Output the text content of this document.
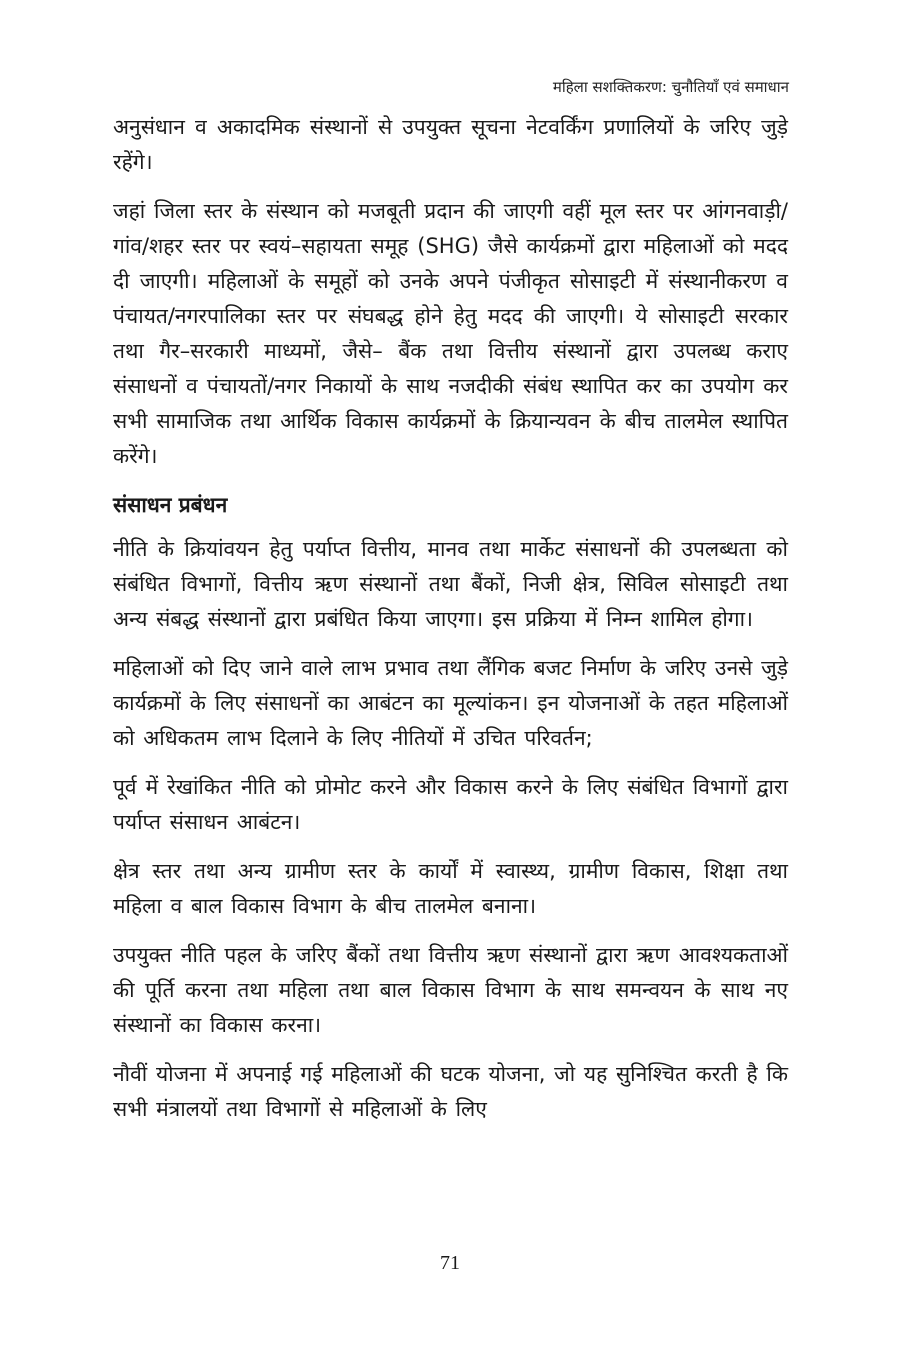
महिला सशक्तिकरण: चुनौतियाँ एवं समाधान

अनुसंधान व अकादमिक संस्थानों से उपयुक्त सूचना नेटवर्किंग प्रणालियों के जरिए जुड़े रहेंगे।

जहां जिला स्तर के संस्थान को मजबूती प्रदान की जाएगी वहीं मूल स्तर पर आंगनवाड़ी/गांव/शहर स्तर पर स्वयं–सहायता समूह (SHG) जैसे कार्यक्रमों द्वारा महिलाओं को मदद दी जाएगी। महिलाओं के समूहों को उनके अपने पंजीकृत सोसाइटी में संस्थानीकरण व पंचायत/नगरपालिका स्तर पर संघबद्ध होने हेतु मदद की जाएगी। ये सोसाइटी सरकार तथा गैर–सरकारी माध्यमों, जैसे– बैंक तथा वित्तीय संस्थानों द्वारा उपलब्ध कराए संसाधनों व पंचायतों/नगर निकायों के साथ नजदीकी संबंध स्थापित कर का उपयोग कर सभी सामाजिक तथा आर्थिक विकास कार्यक्रमों के क्रियान्यवन के बीच तालमेल स्थापित करेंगे।

संसाधन प्रबंधन

नीति के क्रियांवयन हेतु पर्याप्त वित्तीय, मानव तथा मार्केट संसाधनों की उपलब्धता को संबंधित विभागों, वित्तीय ऋण संस्थानों तथा बैंकों, निजी क्षेत्र, सिविल सोसाइटी तथा अन्य संबद्ध संस्थानों द्वारा प्रबंधित किया जाएगा। इस प्रक्रिया में निम्न शामिल होगा।

महिलाओं को दिए जाने वाले लाभ प्रभाव तथा लैंगिक बजट निर्माण के जरिए उनसे जुड़े कार्यक्रमों के लिए संसाधनों का आबंटन का मूल्यांकन। इन योजनाओं के तहत महिलाओं को अधिकतम लाभ दिलाने के लिए नीतियों में उचित परिवर्तन;

पूर्व में रेखांकित नीति को प्रोमोट करने और विकास करने के लिए संबंधित विभागों द्वारा पर्याप्त संसाधन आबंटन।

क्षेत्र स्तर तथा अन्य ग्रामीण स्तर के कार्यों में स्वास्थ्य, ग्रामीण विकास, शिक्षा तथा महिला व बाल विकास विभाग के बीच तालमेल बनाना।

उपयुक्त नीति पहल के जरिए बैंकों तथा वित्तीय ऋण संस्थानों द्वारा ऋण आवश्यकताओं की पूर्ति करना तथा महिला तथा बाल विकास विभाग के साथ समन्वयन के साथ नए संस्थानों का विकास करना।

नौवीं योजना में अपनाई गई महिलाओं की घटक योजना, जो यह सुनिश्चित करती है कि सभी मंत्रालयों तथा विभागों से महिलाओं के लिए

71
